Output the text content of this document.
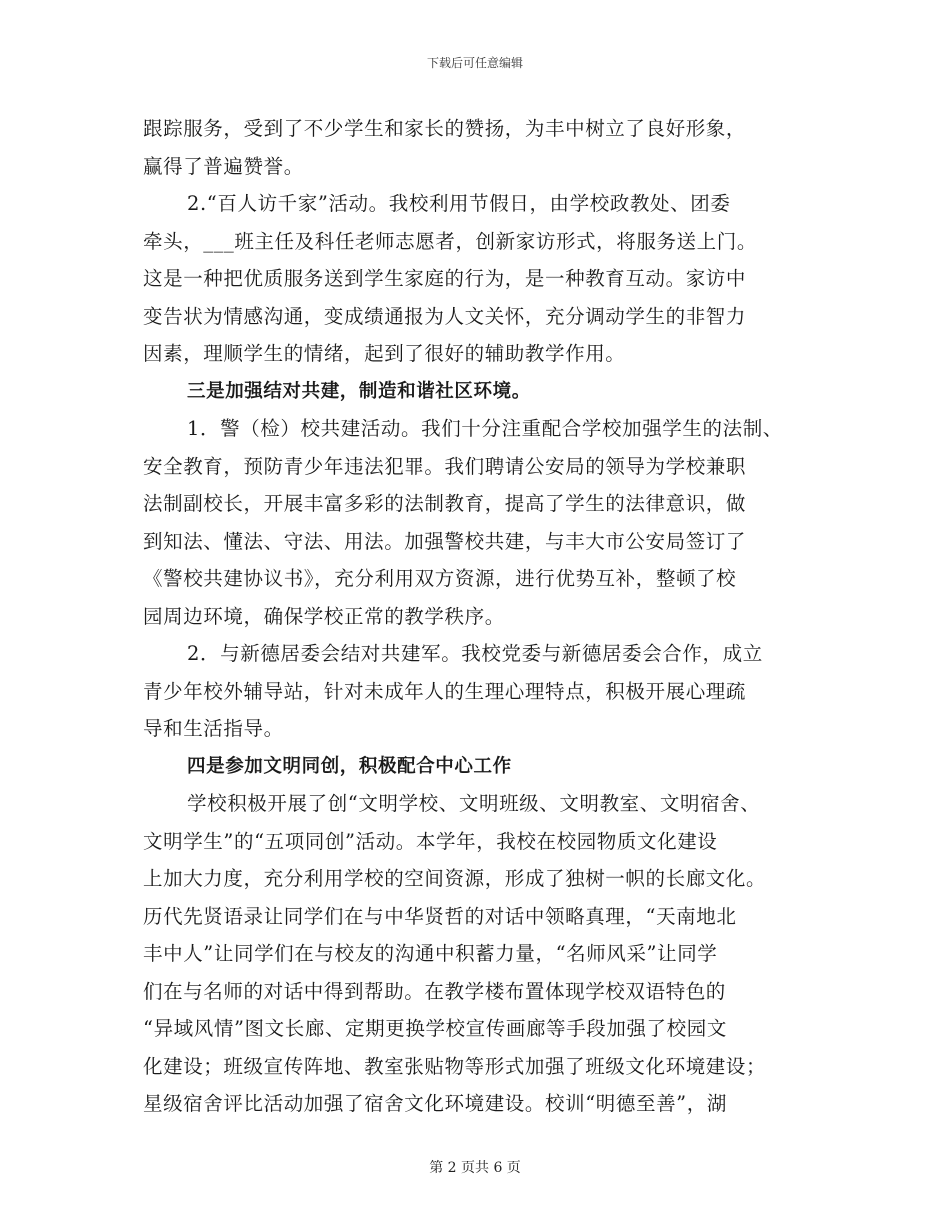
下载后可任意编辑
跟踪服务，受到了不少学生和家长的赞扬，为丰中树立了良好形象，
赢得了普遍赞誉。
2.“百人访千家”活动。我校利用节假日，由学校政教处、团委
牵头，___班主任及科任老师志愿者，创新家访形式，将服务送上门。
这是一种把优质服务送到学生家庭的行为，是一种教育互动。家访中
变告状为情感沟通，变成绩通报为人文关怀，充分调动学生的非智力
因素，理顺学生的情绪，起到了很好的辅助教学作用。
三是加强结对共建，制造和谐社区环境。
1．警（检）校共建活动。我们十分注重配合学校加强学生的法制、
安全教育，预防青少年违法犯罪。我们聘请公安局的领导为学校兼职
法制副校长，开展丰富多彩的法制教育，提高了学生的法律意识，做
到知法、懂法、守法、用法。加强警校共建，与丰大市公安局签订了
《警校共建协议书》，充分利用双方资源，进行优势互补，整顿了校
园周边环境，确保学校正常的教学秩序。
2．与新德居委会结对共建军。我校党委与新德居委会合作，成立
青少年校外辅导站，针对未成年人的生理心理特点，积极开展心理疏
导和生活指导。
四是参加文明同创，积极配合中心工作
学校积极开展了创“文明学校、文明班级、文明教室、文明宿舍、
文明学生”的“五项同创”活动。本学年，我校在校园物质文化建设
上加大力度，充分利用学校的空间资源，形成了独树一帜的长廊文化。
历代先贤语录让同学们在与中华贤哲的对话中领略真理，“天南地北
丰中人”让同学们在与校友的沟通中积蓄力量，“名师风采”让同学
们在与名师的对话中得到帮助。在教学楼布置体现学校双语特色的
“异域风情”图文长廊、定期更换学校宣传画廊等手段加强了校园文
化建设；班级宣传阵地、教室张贴物等形式加强了班级文化环境建设；
星级宿舍评比活动加强了宿舍文化环境建设。校训“明德至善”，湖
第 2 页共 6 页
